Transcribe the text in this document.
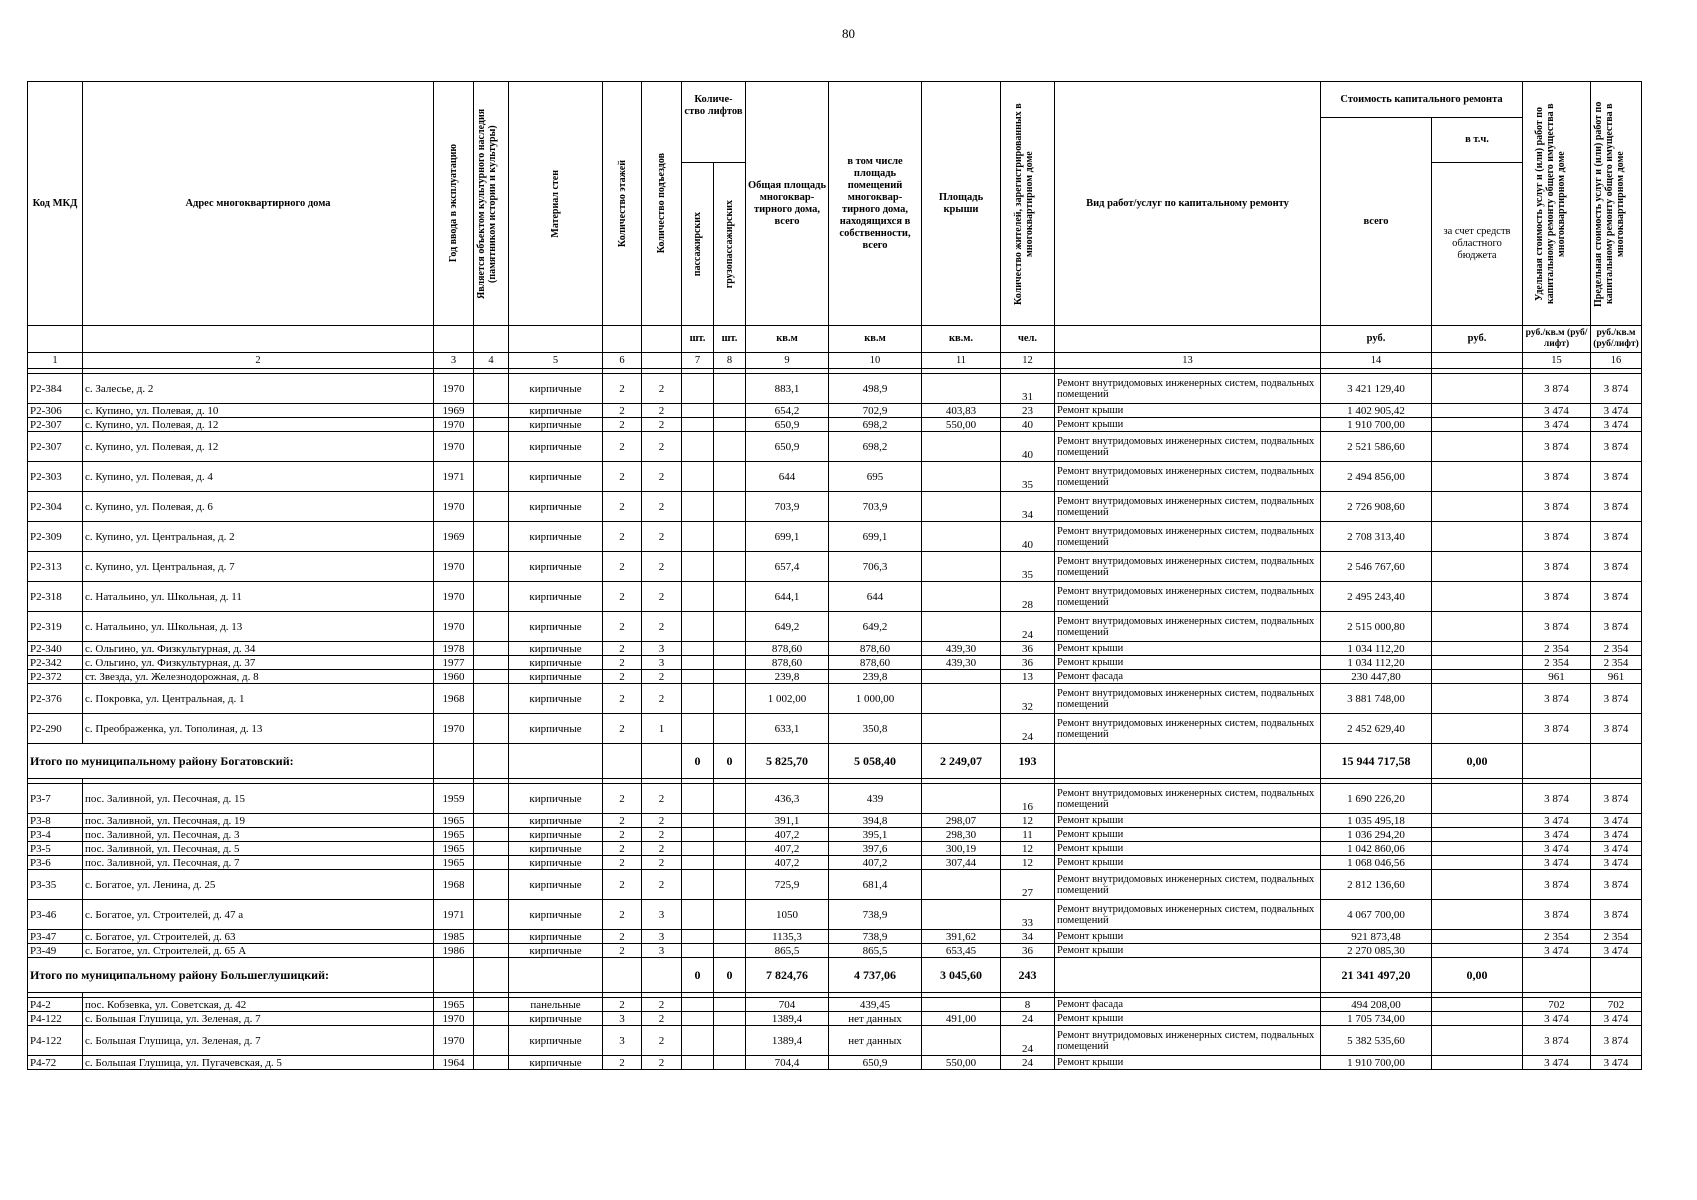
80
Код МКД	Адрес многоквартирного дома	Год ввода в эксплуатацию	Является объектом культурного наследия (памятником истории и культуры)	Материал стен	Количество этажей	Количество подъездов	Количе- ство лифтов		Общая площадь многоквар- тирного дома, всего	в том числе площадь помещений многоквар- тирного дома, находящихся в собственности, всего	Площадь крыши	Количество жителей, зарегистрированных в многоквартирном доме	Вид работ/услуг по капитальному ремонту	Стоимость капитального ремонта		Удельная стоимость услуг и (или) работ по капитальному ремонту общего имущества в многоквартирном доме	Предельная стоимость услуг и (или) работ по капитальному ремонту общего имущества в многоквартирном доме

														всего	в т.ч.		

							пассажирских	грузопассажирских							за счет средств областного бюджета		

							шт.	шт.	кв.м	кв.м	кв.м.	чел.		руб.	руб.	руб./кв.м (руб/лифт)	руб./кв.м (руб/лифт)
1	2	3	4	5	6		7	8	9	10	11	12	13	14		15	16

Р2-384	с. Залесье, д. 2	1970		кирпичные	2	2			883,1	498,9		31	Ремонт внутридомовых инженерных систем, подвальных помещений	3 421 129,40		3 874	3 874
Р2-306	с. Купино, ул. Полевая, д. 10	1969		кирпичные	2	2			654,2	702,9	403,83	23	Ремонт крыши	1 402 905,42		3 474	3 474
Р2-307	с. Купино, ул. Полевая, д. 12	1970		кирпичные	2	2			650,9	698,2	550,00	40	Ремонт крыши	1 910 700,00		3 474	3 474
Р2-307	с. Купино, ул. Полевая, д. 12	1970		кирпичные	2	2			650,9	698,2		40	Ремонт внутридомовых инженерных систем, подвальных помещений	2 521 586,60		3 874	3 874
Р2-303	с. Купино, ул. Полевая, д. 4	1971		кирпичные	2	2			644	695		35	Ремонт внутридомовых инженерных систем, подвальных помещений	2 494 856,00		3 874	3 874
Р2-304	с. Купино, ул. Полевая, д. 6	1970		кирпичные	2	2			703,9	703,9		34	Ремонт внутридомовых инженерных систем, подвальных помещений	2 726 908,60		3 874	3 874
Р2-309	с. Купино, ул. Центральная, д. 2	1969		кирпичные	2	2			699,1	699,1		40	Ремонт внутридомовых инженерных систем, подвальных помещений	2 708 313,40		3 874	3 874
Р2-313	с. Купино, ул. Центральная, д. 7	1970		кирпичные	2	2			657,4	706,3		35	Ремонт внутридомовых инженерных систем, подвальных помещений	2 546 767,60		3 874	3 874
Р2-318	с. Натальино, ул. Школьная, д. 11	1970		кирпичные	2	2			644,1	644		28	Ремонт внутридомовых инженерных систем, подвальных помещений	2 495 243,40		3 874	3 874
Р2-319	с. Натальино, ул. Школьная, д. 13	1970		кирпичные	2	2			649,2	649,2		24	Ремонт внутридомовых инженерных систем, подвальных помещений	2 515 000,80		3 874	3 874
Р2-340	с. Ольгино, ул. Физкультурная, д. 34	1978		кирпичные	2	3			878,60	878,60	439,30	36	Ремонт крыши	1 034 112,20		2 354	2 354
Р2-342	с. Ольгино, ул. Физкультурная, д. 37	1977		кирпичные	2	3			878,60	878,60	439,30	36	Ремонт крыши	1 034 112,20		2 354	2 354
Р2-372	ст. Звезда, ул. Железнодорожная, д. 8	1960		кирпичные	2	2			239,8	239,8		13	Ремонт фасада	230 447,80		961	961
Р2-376	с. Покровка, ул. Центральная, д. 1	1968		кирпичные	2	2			1 002,00	1 000,00		32	Ремонт внутридомовых инженерных систем, подвальных помещений	3 881 748,00		3 874	3 874
Р2-290	с. Преображенка, ул. Тополиная, д. 13	1970		кирпичные	2	1			633,1	350,8		24	Ремонт внутридомовых инженерных систем, подвальных помещений	2 452 629,40		3 874	3 874
Итого по муниципальному району Богатовский:							0	0	5 825,70	5 058,40	2 249,07	193		15 944 717,58	0,00		

Р3-7	пос. Заливной, ул. Песочная, д. 15	1959		кирпичные	2	2			436,3	439		16	Ремонт внутридомовых инженерных систем, подвальных помещений	1 690 226,20		3 874	3 874
Р3-8	пос. Заливной, ул. Песочная, д. 19	1965		кирпичные	2	2			391,1	394,8	298,07	12	Ремонт крыши	1 035 495,18		3 474	3 474
Р3-4	пос. Заливной, ул. Песочная, д. 3	1965		кирпичные	2	2			407,2	395,1	298,30	11	Ремонт крыши	1 036 294,20		3 474	3 474
Р3-5	пос. Заливной, ул. Песочная, д. 5	1965		кирпичные	2	2			407,2	397,6	300,19	12	Ремонт крыши	1 042 860,06		3 474	3 474
Р3-6	пос. Заливной, ул. Песочная, д. 7	1965		кирпичные	2	2			407,2	407,2	307,44	12	Ремонт крыши	1 068 046,56		3 474	3 474
Р3-35	с. Богатое, ул. Ленина, д. 25	1968		кирпичные	2	2			725,9	681,4		27	Ремонт внутридомовых инженерных систем, подвальных помещений	2 812 136,60		3 874	3 874
Р3-46	с. Богатое, ул. Строителей, д. 47 а	1971		кирпичные	2	3			1050	738,9		33	Ремонт внутридомовых инженерных систем, подвальных помещений	4 067 700,00		3 874	3 874
Р3-47	с. Богатое, ул. Строителей, д. 63	1985		кирпичные	2	3			1135,3	738,9	391,62	34	Ремонт крыши	921 873,48		2 354	2 354
Р3-49	с. Богатое, ул. Строителей, д. 65 А	1986		кирпичные	2	3			865,5	865,5	653,45	36	Ремонт крыши	2 270 085,30		3 474	3 474
Итого по муниципальному району Большеглушицкий:							0	0	7 824,76	4 737,06	3 045,60	243		21 341 497,20	0,00		

Р4-2	пос. Кобзевка, ул. Советская, д. 42	1965		панельные	2	2			704	439,45		8	Ремонт фасада	494 208,00		702	702
Р4-122	с. Большая Глушица, ул. Зеленая, д. 7	1970		кирпичные	3	2			1389,4	нет данных	491,00	24	Ремонт крыши	1 705 734,00		3 474	3 474
Р4-122	с. Большая Глушица, ул. Зеленая, д. 7	1970		кирпичные	3	2			1389,4	нет данных		24	Ремонт внутридомовых инженерных систем, подвальных помещений	5 382 535,60		3 874	3 874
Р4-72	с. Большая Глушица, ул. Пугачевская, д. 5	1964		кирпичные	2	2			704,4	650,9	550,00	24	Ремонт крыши	1 910 700,00		3 474	3 474
